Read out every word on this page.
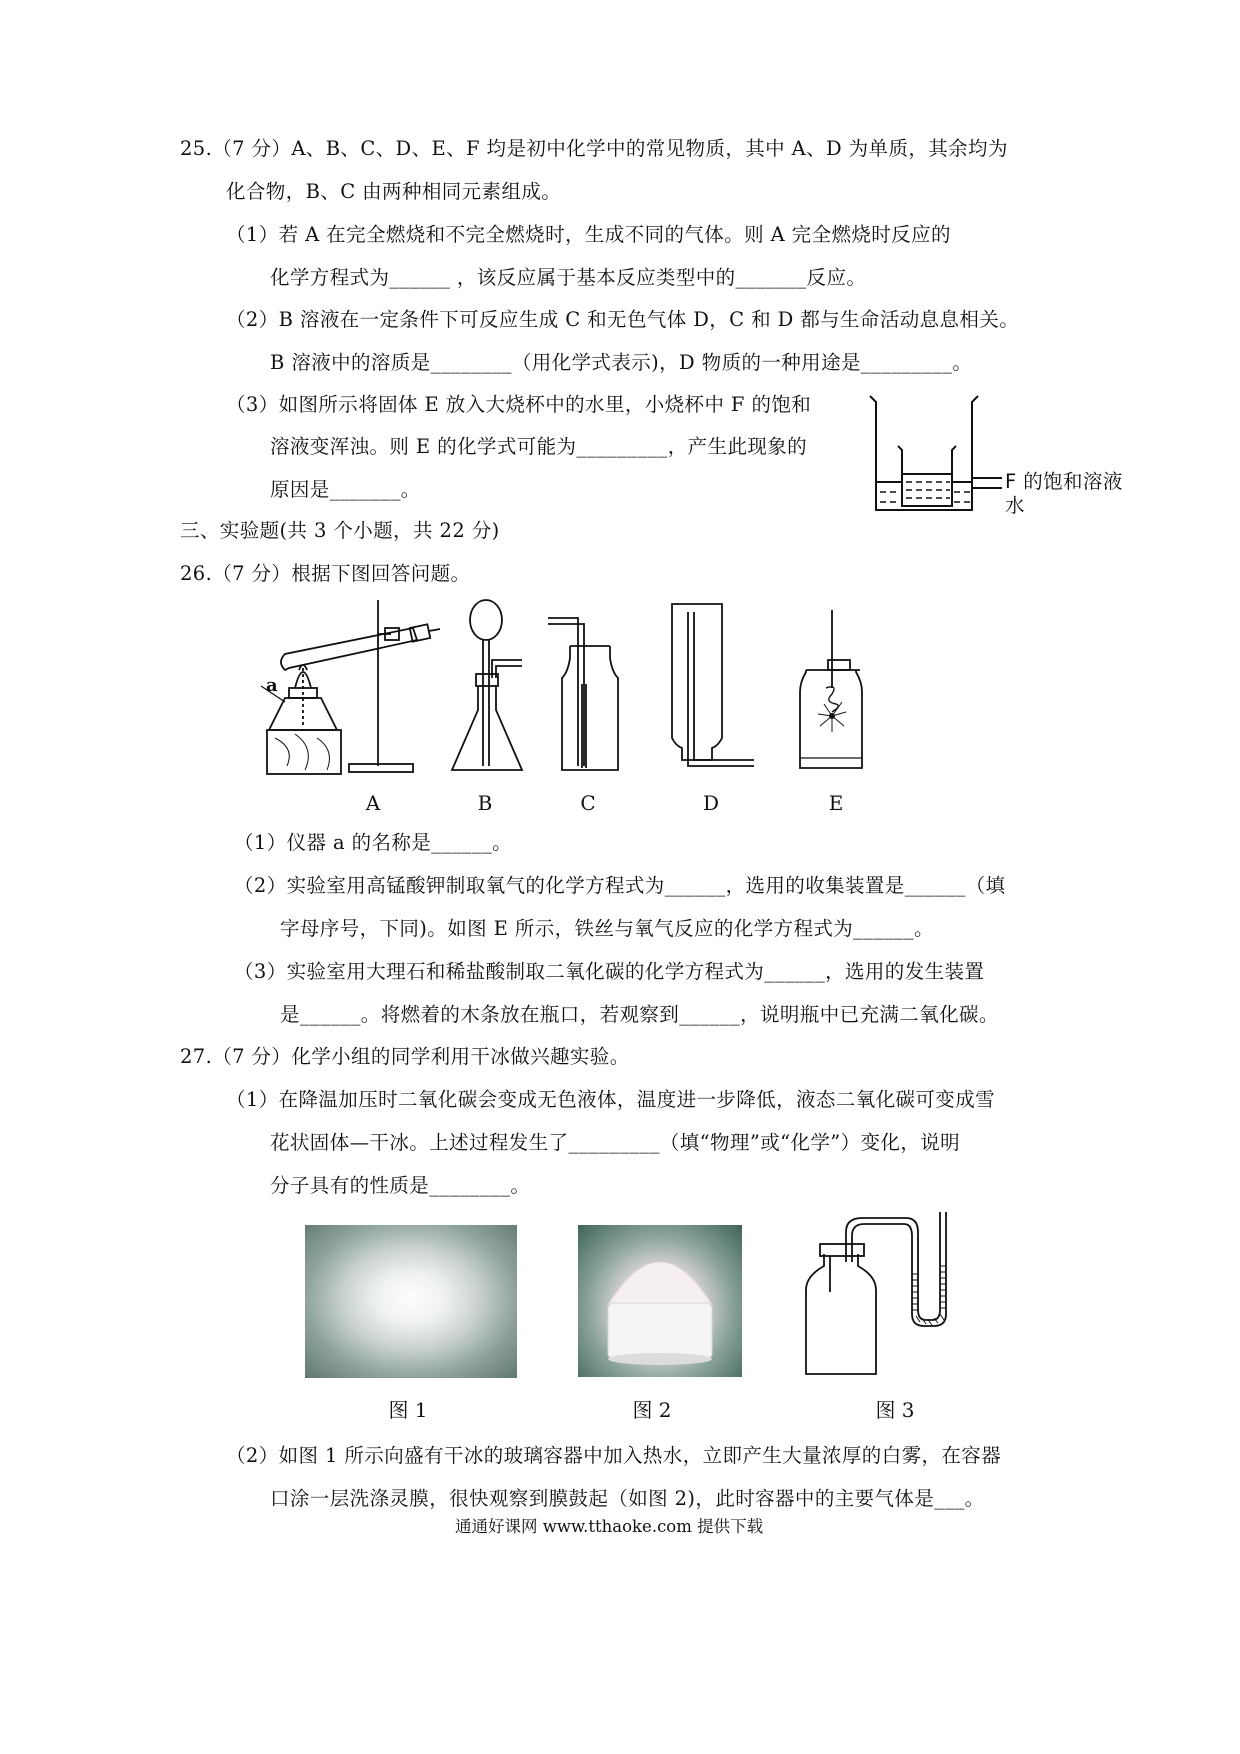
25.（7 分）A、B、C、D、E、F 均是初中化学中的常见物质，其中 A、D 为单质，其余均为
化合物，B、C 由两种相同元素组成。
（1）若 A 在完全燃烧和不完全燃烧时，生成不同的气体。则 A 完全燃烧时反应的
化学方程式为______ ，该反应属于基本反应类型中的_______反应。
（2）B 溶液在一定条件下可反应生成 C 和无色气体 D，C 和 D 都与生命活动息息相关。
B 溶液中的溶质是________（用化学式表示)，D 物质的一种用途是_________。
（3）如图所示将固体 E 放入大烧杯中的水里，小烧杯中 F 的饱和
溶液变浑浊。则 E 的化学式可能为_________，产生此现象的
原因是_______。	F 的饱和溶液
水
三、实验题(共 3 个小题，共 22 分)
26.（7 分）根据下图回答问题。
a
A	B	C	D	E
（1）仪器 a 的名称是______。
（2）实验室用高锰酸钾制取氧气的化学方程式为______，选用的收集装置是______（填
字母序号，下同)。如图 E 所示，铁丝与氧气反应的化学方程式为______。
（3）实验室用大理石和稀盐酸制取二氧化碳的化学方程式为______，选用的发生装置
是______。将燃着的木条放在瓶口，若观察到______，说明瓶中已充满二氧化碳。
27.（7 分）化学小组的同学利用干冰做兴趣实验。
（1）在降温加压时二氧化碳会变成无色液体，温度进一步降低，液态二氧化碳可变成雪
花状固体—干冰。上述过程发生了_________（填“物理”或“化学”）变化，说明
分子具有的性质是________。
图 1	图 2	图 3
（2）如图 1 所示向盛有干冰的玻璃容器中加入热水，立即产生大量浓厚的白雾，在容器
口涂一层洗涤灵膜，很快观察到膜鼓起（如图 2)，此时容器中的主要气体是___。
通通好课网 www.tthaoke.com 提供下载
